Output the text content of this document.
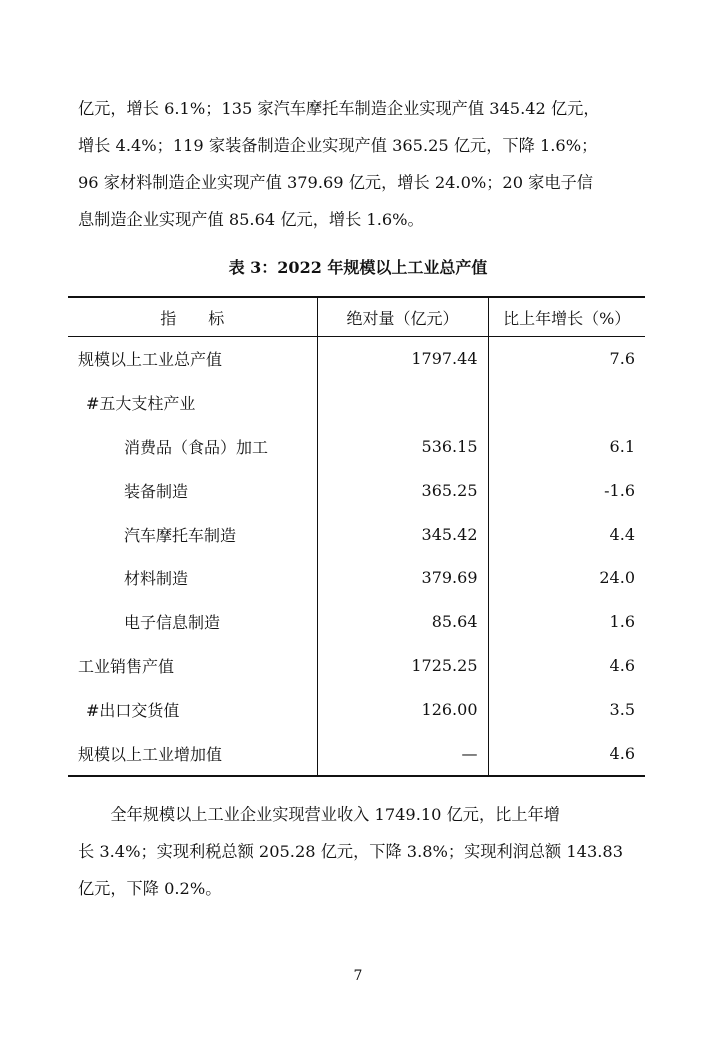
亿元，增长 6.1%；135 家汽车摩托车制造企业实现产值 345.42 亿元，
增长 4.4%；119 家装备制造企业实现产值 365.25 亿元，下降 1.6%；
96 家材料制造企业实现产值 379.69 亿元，增长 24.0%；20 家电子信
息制造企业实现产值 85.64 亿元，增长 1.6%。
表 3：2022 年规模以上工业总产值
指　　标	绝对量（亿元）	比上年增长（%）
规模以上工业总产值	1797.44	7.6
#五大支柱产业		
消费品（食品）加工	536.15	6.1
装备制造	365.25	-1.6
汽车摩托车制造	345.42	4.4
材料制造	379.69	24.0
电子信息制造	85.64	1.6
工业销售产值	1725.25	4.6
#出口交货值	126.00	3.5
规模以上工业增加值	—	4.6
　　全年规模以上工业企业实现营业收入 1749.10 亿元，比上年增
长 3.4%；实现利税总额 205.28 亿元，下降 3.8%；实现利润总额 143.83
亿元，下降 0.2%。
7
